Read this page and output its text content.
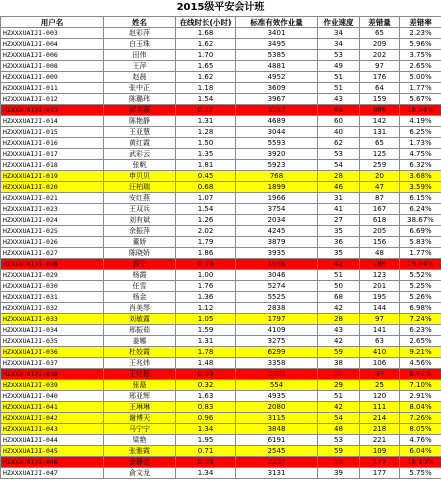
2015级平安会计班
用户名	姓名	在线时长(小时)	标准有效作业量	作业速度	差错量	差错率
HZXXXUAIJI-003	赵彩萍	1.68	3401	34	65	2.23%
HZXXXUAIJI-004	白玉珠	1.62	3495	34	209	5.96%
HZXXXUAIJI-006	田伟	1.70	5385	53	202	3.75%
HZXXXUAIJI-008	王萍	1.65	4881	49	97	2.65%
HZXXXUAIJI-009	赵晨	1.62	4952	51	176	5.00%
HZXXXUAIJI-011	张中正	1.18	3609	51	64	1.77%
HZXXXUAIJI-012	陈璐玮	1.54	3967	43	159	5.67%
HZXXXUAIJI-013	郝美蓉	0.87	3357	64	889	16.84%
HZXXXUAIJI-014	陈艳静	1.31	4689	60	142	4.19%
HZXXXUAIJI-015	王亚慧	1.28	3044	40	131	6.25%
HZXXXUAIJI-016	黄红霞	1.50	5593	62	65	1.73%
HZXXXUAIJI-017	武彩云	1.35	3920	53	125	4.75%
HZXXXUAIJI-018	张帆	1.81	5923	54	259	6.32%
HZXXXUAIJI-019	申贝贝	0.45	768	28	20	3.68%
HZXXXUAIJI-020	汪柏瑞	0.68	1899	46	47	3.59%
HZXXXUAIJI-021	安红燕	1.07	1966	31	87	6.15%
HZXXXUAIJI-023	王双兵	1.54	3754	41	167	6.24%
HZXXXUAIJI-024	刘有斌	1.26	2034	27	618	38.67%
HZXXXUAIJI-025	余振萍	2.02	4245	35	205	6.69%
HZXXXUAIJI-026	董娇	1.79	3879	36	156	5.83%
HZXXXUAIJI-027	陈晓娇	1.86	3935	35	48	1.77%
HZXXXUAIJI-028	郭宁	0.79	1986	42	189	19.84%
HZXXXUAIJI-029	杨霞	1.00	3046	51	123	5.52%
HZXXXUAIJI-030	任雪	1.76	5274	50	201	5.25%
HZXXXUAIJI-031	杨金	1.36	5525	68	195	5.26%
HZXXXUAIJI-032	肖美琴	1.12	2838	42	144	6.98%
HZXXXUAIJI-033	刘敏露	1.05	1797	28	97	7.24%
HZXXXUAIJI-034	邢振茹	1.59	4109	43	141	6.23%
HZXXXUAIJI-035	姜娜	1.31	3275	42	63	2.65%
HZXXXUAIJI-036	杜姣霞	1.78	6299	59	410	9.21%
HZXXXUAIJI-037	王兆炜	1.48	3358	38	106	4.56%
HZXXXUAIJI-038	王忆松	0.99	2301	39	97	6.97%
HZXXXUAIJI-039	张磊	0.32	554	29	25	7.10%
HZXXXUAIJI-040	邢亚辉	1.63	4935	51	120	2.91%
HZXXXUAIJI-041	王琳琳	0.83	2080	42	111	8.04%
HZXXXUAIJI-042	谢博天	0.96	3115	54	214	7.26%
HZXXXUAIJI-043	马宁宁	1.34	3848	48	218	8.05%
HZXXXUAIJI-044	梁艳	1.95	6191	53	221	4.76%
HZXXXUAIJI-045	张雅霞	0.71	2545	59	109	6.04%
HZXXXUAIJI-046	余静宜	0.98	2207	38	177	16.10%
HZXXXUAIJI-047	俞文龙	1.34	3131	39	177	5.75%
